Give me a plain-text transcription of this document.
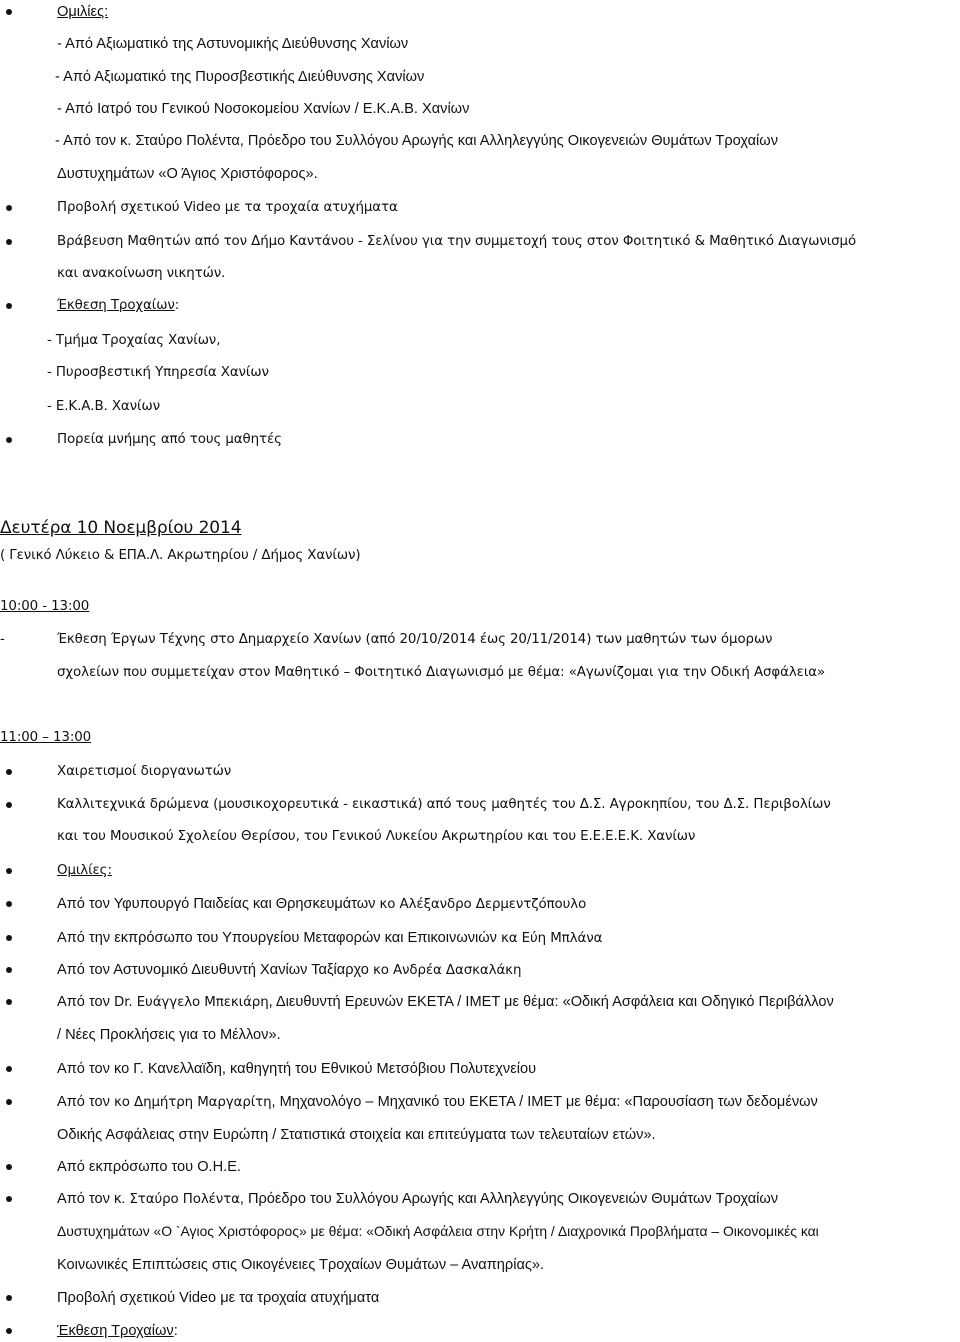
Ομιλίες:
- Από Αξιωματικό της Αστυνομικής Διεύθυνσης Χανίων
- Από Αξιωματικό της Πυροσβεστικής Διεύθυνσης Χανίων
- Από Ιατρό του Γενικού Νοσοκομείου Χανίων / Ε.Κ.Α.Β. Χανίων
- Από τον κ. Σταύρο Πολέντα, Πρόεδρο του Συλλόγου Αρωγής και Αλληλεγγύης Οικογενειών Θυμάτων Τροχαίων
Δυστυχημάτων «Ο Άγιος Χριστόφορος».
Προβολή σχετικού Video με τα τροχαία ατυχήματα
Βράβευση Μαθητών από τον Δήμο Καντάνου - Σελίνου για την συμμετοχή τους στον Φοιτητικό & Μαθητικό Διαγωνισμό
και ανακοίνωση νικητών.
Έκθεση Τροχαίων:
- Τμήμα Τροχαίας Χανίων,
- Πυροσβεστική Υπηρεσία Χανίων
- Ε.Κ.Α.Β. Χανίων
Πορεία μνήμης από τους μαθητές
Δευτέρα 10 Νοεμβρίου 2014
( Γενικό Λύκειο & ΕΠΑ.Λ. Ακρωτηρίου / Δήμος Χανίων)
10:00 - 13:00
-	Έκθεση Έργων Τέχνης στο Δημαρχείο Χανίων (από 20/10/2014 έως 20/11/2014) των μαθητών των όμορων
σχολείων που συμμετείχαν στον Μαθητικό – Φοιτητικό Διαγωνισμό με θέμα: «Αγωνίζομαι για την Οδική Ασφάλεια»
11:00 – 13:00
Χαιρετισμοί διοργανωτών
Καλλιτεχνικά δρώμενα (μουσικοχορευτικά - εικαστικά) από τους μαθητές του Δ.Σ. Αγροκηπίου, του Δ.Σ. Περιβολίων
και του Μουσικού Σχολείου Θερίσου, του Γενικού Λυκείου Ακρωτηρίου και του Ε.Ε.Ε.Ε.Κ. Χανίων
Ομιλίες:
Από τον Υφυπουργό Παιδείας και Θρησκευμάτων κο Αλέξανδρο Δερμεντζόπουλο
Από την εκπρόσωπο του Υπουργείου Μεταφορών και Επικοινωνιών κα Εύη Μπλάνα
Από τον Αστυνομικό Διευθυντή Χανίων Ταξίαρχο κο Ανδρέα Δασκαλάκη
Από τον Dr. Ευάγγελο Μπεκιάρη, Διευθυντή Ερευνών ΕΚΕΤΑ / ΙΜΕΤ με θέμα: «Οδική Ασφάλεια και Οδηγικό Περιβάλλον
/ Νέες Προκλήσεις για το Μέλλον».
Από τον κο Γ. Κανελλαϊδη, καθηγητή του Εθνικού Μετσόβιου Πολυτεχνείου
Από τον κο Δημήτρη Μαργαρίτη, Μηχανολόγο – Μηχανικό του ΕΚΕΤΑ / ΙΜΕΤ με θέμα: «Παρουσίαση των δεδομένων
Οδικής Ασφάλειας στην Ευρώπη / Στατιστικά στοιχεία και επιτεύγματα των τελευταίων ετών».
Από εκπρόσωπο του Ο.Η.Ε.
Από τον κ. Σταύρο Πολέντα, Πρόεδρο του Συλλόγου Αρωγής και Αλληλεγγύης Οικογενειών Θυμάτων Τροχαίων
Δυστυχημάτων «Ο `Αγιος Χριστόφορος» με θέμα: «Οδική Ασφάλεια στην Κρήτη / Διαχρονικά Προβλήματα – Οικονομικές και
Κοινωνικές Επιπτώσεις στις Οικογένειες Τροχαίων Θυμάτων – Αναπηρίας».
Προβολή σχετικού Video με τα τροχαία ατυχήματα
Έκθεση Τροχαίων:
